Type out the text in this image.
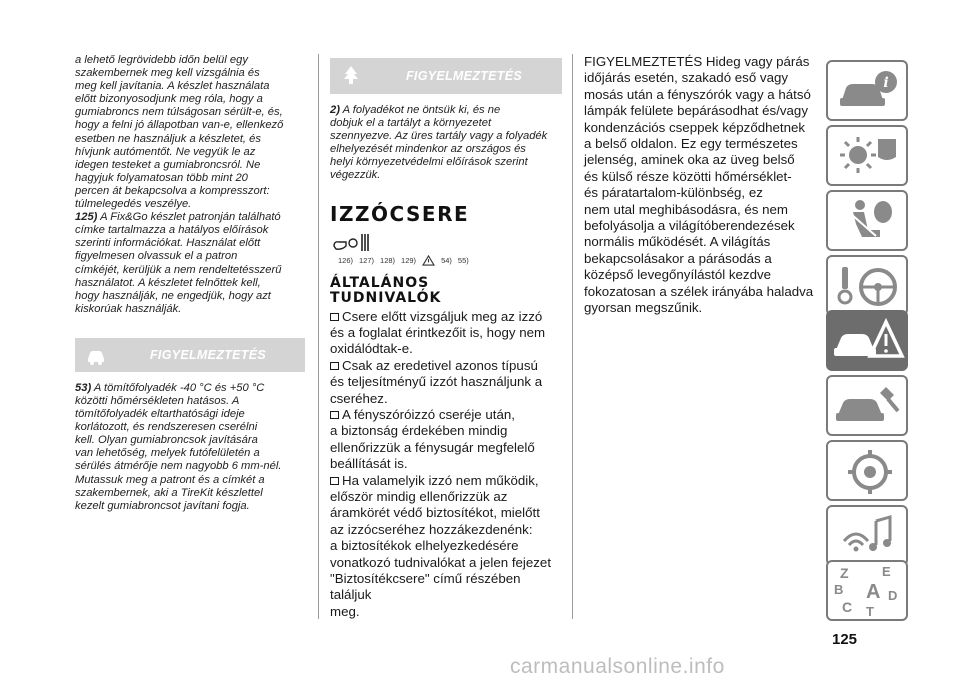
a lehető legrövidebb időn belül egy
szakembernek meg kell vizsgálnia és
meg kell javítania. A készlet használata
előtt bizonyosodjunk meg róla, hogy a
gumiabroncs nem túlságosan sérült-e, és,
hogy a felni jó állapotban van-e, ellenkező
esetben ne használjuk a készletet, és
hívjunk autómentőt. Ne vegyük le az
idegen testeket a gumiabroncsról. Ne
hagyjuk folyamatosan több mint 20
percen át bekapcsolva a kompresszort:
túlmelegedés veszélye.
125) A Fix&Go készlet patronján található
címke tartalmazza a hatályos előírások
szerinti információkat. Használat előtt
figyelmesen olvassuk el a patron
címkéjét, kerüljük a nem rendeltetésszerű
használatot. A készletet felnőttek kell,
hogy használják, ne engedjük, hogy azt
kiskorúak használják.
FIGYELMEZTETÉS
53) A tömítőfolyadék -40 °C és +50 °C
közötti hőmérsékleten hatásos. A
tömítőfolyadék eltarthatósági ideje
korlátozott, és rendszeresen cserélni
kell. Olyan gumiabroncsok javítására
van lehetőség, melyek futófelületén a
sérülés átmérője nem nagyobb 6 mm-nél.
Mutassuk meg a patront és a címkét a
szakembernek, aki a TireKit készlettel
kezelt gumiabroncsot javítani fogja.
FIGYELMEZTETÉS
2) A folyadékot ne öntsük ki, és ne
dobjuk el a tartályt a környezetet
szennyezve. Az üres tartály vagy a folyadék
elhelyezését mindenkor az országos és
helyi környezetvédelmi előírások szerint
végezzük.
IZZÓCSERE
126) 127) 128) 129)	54) 55)
ÁLTALÁNOS
TUDNIVALÓK
Csere előtt vizsgáljuk meg az izzó
és a foglalat érintkezőit is, hogy nem
oxidálódtak-e.
Csak az eredetivel azonos típusú
és teljesítményű izzót használjunk a
cseréhez.
A fényszóróizzó cseréje után,
a biztonság érdekében mindig
ellenőrizzük a fénysugár megfelelő
beállítását is.
Ha valamelyik izzó nem működik,
először mindig ellenőrizzük az
áramkörét védő biztosítékot, mielőtt
az izzócseréhez hozzákezdenénk:
a biztosítékok elhelyezkedésére
vonatkozó tudnivalókat a jelen fejezet
"Biztosítékcsere" című részében találjuk
meg.
FIGYELMEZTETÉS Hideg vagy párás
időjárás esetén, szakadó eső vagy
mosás után a fényszórók vagy a hátsó
lámpák felülete bepárásodhat és/vagy
kondenzációs cseppek képződhetnek
a belső oldalon. Ez egy természetes
jelenség, aminek oka az üveg belső
és külső része közötti hőmérséklet-
és páratartalom-különbség, ez
nem utal meghibásodásra, és nem
befolyásolja a világítóberendezések
normális működését. A világítás
bekapcsolásakor a párásodás a
középső levegőnyílástól kezdve
fokozatosan a szélek irányába haladva
gyorsan megszűnik.
i
Z	E
B A
C
D
T
125
carmanualsonline.info
